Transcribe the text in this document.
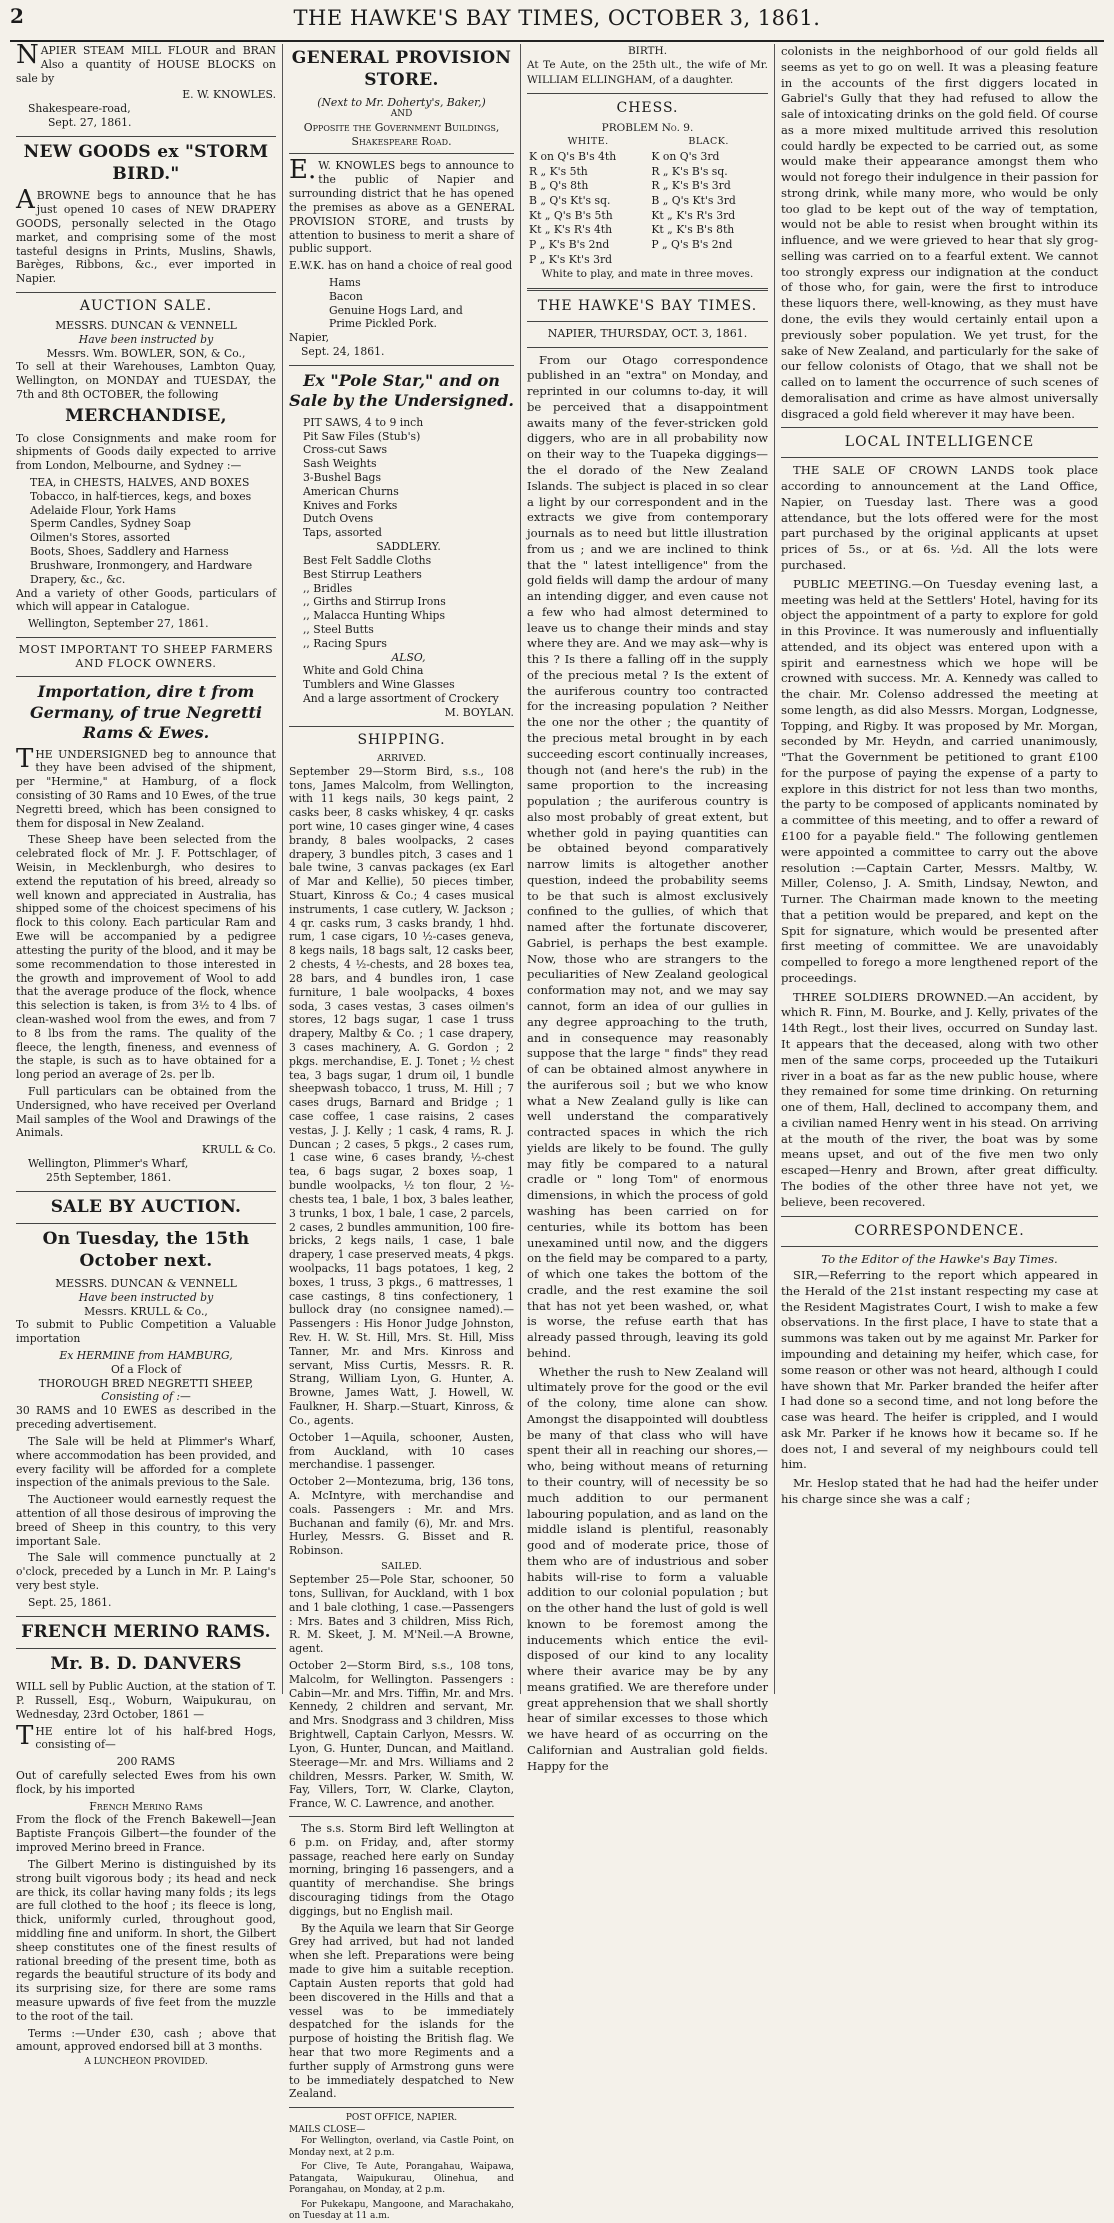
2	THE HAWKE'S BAY TIMES, OCTOBER 3, 1861.

NAPIER STEAM MILL FLOUR and BRAN Also a quantity of HOUSE BLOCKS on sale by

E. W. KNOWLES.
Shakespeare-road,
Sept. 27, 1861.
NEW GOODS ex "STORM BIRD."

ABROWNE begs to announce that he has just opened 10 cases of NEW DRAPERY GOODS, personally selected in the Otago market, and comprising some of the most tasteful designs in Prints, Muslins, Shawls, Barèges, Ribbons, &c., ever imported in Napier.

AUCTION SALE.
MESSRS. DUNCAN & VENNELL
Have been instructed by
Messrs. Wm. BOWLER, SON, & Co.,

To sell at their Warehouses, Lambton Quay, Wellington, on MONDAY and TUESDAY, the 7th and 8th OCTOBER, the following

MERCHANDISE,

To close Consignments and make room for shipments of Goods daily expected to arrive from London, Melbourne, and Sydney :—

TEA, in CHESTS, HALVES, AND BOXES
Tobacco, in half-tierces, kegs, and boxes
Adelaide Flour, York Hams
Sperm Candles, Sydney Soap
Oilmen's Stores, assorted
Boots, Shoes, Saddlery and Harness
Brushware, Ironmongery, and Hardware
Drapery, &c., &c.

And a variety of other Goods, particulars of which will appear in Catalogue.

Wellington, September 27, 1861.
MOST IMPORTANT TO SHEEP FARMERS AND FLOCK OWNERS.
Importation, dire t from Germany, of true Negretti Rams & Ewes.

THE UNDERSIGNED beg to announce that they have been advised of the shipment, per "Hermine," at Hamburg, of a flock consisting of 30 Rams and 10 Ewes, of the true Negretti breed, which has been consigned to them for disposal in New Zealand.

These Sheep have been selected from the celebrated flock of Mr. J. F. Pottschlager, of Weisin, in Mecklenburgh, who desires to extend the reputation of his breed, already so well known and appreciated in Australia, has shipped some of the choicest specimens of his flock to this colony. Each particular Ram and Ewe will be accompanied by a pedigree attesting the purity of the blood, and it may be some recommendation to those interested in the growth and improvement of Wool to add that the average produce of the flock, whence this selection is taken, is from 3½ to 4 lbs. of clean-washed wool from the ewes, and from 7 to 8 lbs from the rams. The quality of the fleece, the length, fineness, and evenness of the staple, is such as to have obtained for a long period an average of 2s. per lb.

Full particulars can be obtained from the Undersigned, who have received per Overland Mail samples of the Wool and Drawings of the Animals.

KRULL & Co.
Wellington, Plimmer's Wharf,
25th September, 1861.
SALE BY AUCTION.
On Tuesday, the 15th October next.
MESSRS. DUNCAN & VENNELL
Have been instructed by
Messrs. KRULL & Co.,

To submit to Public Competition a Valuable importation

Ex HERMINE from HAMBURG,
Of a Flock of
THOROUGH BRED NEGRETTI SHEEP,
Consisting of :—

30 RAMS and 10 EWES as described in the preceding advertisement.

The Sale will be held at Plimmer's Wharf, where accommodation has been provided, and every facility will be afforded for a complete inspection of the animals previous to the Sale.

The Auctioneer would earnestly request the attention of all those desirous of improving the breed of Sheep in this country, to this very important Sale.

The Sale will commence punctually at 2 o'clock, preceded by a Lunch in Mr. P. Laing's very best style.

Sept. 25, 1861.
FRENCH MERINO RAMS.
Mr. B. D. DANVERS

WILL sell by Public Auction, at the station of T. P. Russell, Esq., Woburn, Waipukurau, on Wednesday, 23rd October, 1861 —

THE entire lot of his half-bred Hogs, consisting of—

200 RAMS

Out of carefully selected Ewes from his own flock, by his imported

French Merino Rams

From the flock of the French Bakewell—Jean Baptiste François Gilbert—the founder of the improved Merino breed in France.

The Gilbert Merino is distinguished by its strong built vigorous body ; its head and neck are thick, its collar having many folds ; its legs are full clothed to the hoof ; its fleece is long, thick, uniformly curled, throughout good, middling fine and uniform. In short, the Gilbert sheep constitutes one of the finest results of rational breeding of the present time, both as regards the beautiful structure of its body and its surprising size, for there are some rams measure upwards of five feet from the muzzle to the root of the tail.

Terms :—Under £30, cash ; above that amount, approved endorsed bill at 3 months.

A LUNCHEON PROVIDED.
GENERAL PROVISION STORE.
(Next to Mr. Doherty's, Baker,)
AND
Opposite the Government Buildings, Shakespeare Road.

E.W. KNOWLES begs to announce to the public of Napier and surrounding district that he has opened the premises as above as a GENERAL PROVISION STORE, and trusts by attention to business to merit a share of public support.

E.W.K. has on hand a choice of real good

Hams
Bacon
Genuine Hogs Lard, and
Prime Pickled Pork.
Napier,
Sept. 24, 1861.
Ex "Pole Star," and on Sale by the Undersigned.
PIT SAWS, 4 to 9 inch
Pit Saw Files (Stub's)
Cross-cut Saws
Sash Weights
3-Bushel Bags
American Churns
Knives and Forks
Dutch Ovens
Taps, assorted
SADDLERY.
Best Felt Saddle Cloths
Best Stirrup Leathers
,, Bridles
,, Girths and Stirrup Irons
,, Malacca Hunting Whips
,, Steel Butts
,, Racing Spurs
ALSO,
White and Gold China
Tumblers and Wine Glasses
And a large assortment of Crockery
M. BOYLAN.
SHIPPING.
ARRIVED.

September 29—Storm Bird, s.s., 108 tons, James Malcolm, from Wellington, with 11 kegs nails, 30 kegs paint, 2 casks beer, 8 casks whiskey, 4 qr. casks port wine, 10 cases ginger wine, 4 cases brandy, 8 bales woolpacks, 2 cases drapery, 3 bundles pitch, 3 cases and 1 bale twine, 3 canvas packages (ex Earl of Mar and Kellie), 50 pieces timber, Stuart, Kinross & Co.; 4 cases musical instruments, 1 case cutlery, W. Jackson ; 4 qr. casks rum, 3 casks brandy, 1 hhd. rum, 1 case cigars, 10 ½-cases geneva, 8 kegs nails, 18 bags salt, 12 casks beer, 2 chests, 4 ½-chests, and 28 boxes tea, 28 bars, and 4 bundles iron, 1 case furniture, 1 bale woolpacks, 4 boxes soda, 3 cases vestas, 3 cases oilmen's stores, 12 bags sugar, 1 case 1 truss drapery, Maltby & Co. ; 1 case drapery, 3 cases machinery, A. G. Gordon ; 2 pkgs. merchandise, E. J. Tonet ; ½ chest tea, 3 bags sugar, 1 drum oil, 1 bundle sheepwash tobacco, 1 truss, M. Hill ; 7 cases drugs, Barnard and Bridge ; 1 case coffee, 1 case raisins, 2 cases vestas, J. J. Kelly ; 1 cask, 4 rams, R. J. Duncan ; 2 cases, 5 pkgs., 2 cases rum, 1 case wine, 6 cases brandy, ½-chest tea, 6 bags sugar, 2 boxes soap, 1 bundle woolpacks, ½ ton flour, 2 ½-chests tea, 1 bale, 1 box, 3 bales leather, 3 trunks, 1 box, 1 bale, 1 case, 2 parcels, 2 cases, 2 bundles ammunition, 100 fire-bricks, 2 kegs nails, 1 case, 1 bale drapery, 1 case preserved meats, 4 pkgs. woolpacks, 11 bags potatoes, 1 keg, 2 boxes, 1 truss, 3 pkgs., 6 mattresses, 1 case castings, 8 tins confectionery, 1 bullock dray (no consignee named).—Passengers : His Honor Judge Johnston, Rev. H. W. St. Hill, Mrs. St. Hill, Miss Tanner, Mr. and Mrs. Kinross and servant, Miss Curtis, Messrs. R. R. Strang, William Lyon, G. Hunter, A. Browne, James Watt, J. Howell, W. Faulkner, H. Sharp.—Stuart, Kinross, & Co., agents.

October 1—Aquila, schooner, Austen, from Auckland, with 10 cases merchandise. 1 passenger.

October 2—Montezuma, brig, 136 tons, A. McIntyre, with merchandise and coals. Passengers : Mr. and Mrs. Buchanan and family (6), Mr. and Mrs. Hurley, Messrs. G. Bisset and R. Robinson.

SAILED.

September 25—Pole Star, schooner, 50 tons, Sullivan, for Auckland, with 1 box and 1 bale clothing, 1 case.—Passengers : Mrs. Bates and 3 children, Miss Rich, R. M. Skeet, J. M. M'Neil.—A Browne, agent.

October 2—Storm Bird, s.s., 108 tons, Malcolm, for Wellington. Passengers : Cabin—Mr. and Mrs. Tiffin, Mr. and Mrs. Kennedy, 2 children and servant, Mr. and Mrs. Snodgrass and 3 children, Miss Brightwell, Captain Carlyon, Messrs. W. Lyon, G. Hunter, Duncan, and Maitland. Steerage—Mr. and Mrs. Williams and 2 children, Messrs. Parker, W. Smith, W. Fay, Villers, Torr, W. Clarke, Clayton, France, W. C. Lawrence, and another.

The s.s. Storm Bird left Wellington at 6 p.m. on Friday, and, after stormy passage, reached here early on Sunday morning, bringing 16 passengers, and a quantity of merchandise. She brings discouraging tidings from the Otago diggings, but no English mail.

By the Aquila we learn that Sir George Grey had arrived, but had not landed when she left. Preparations were being made to give him a suitable reception. Captain Austen reports that gold had been discovered in the Hills and that a vessel was to be immediately despatched for the islands for the purpose of hoisting the British flag. We hear that two more Regiments and a further supply of Armstrong guns were to be immediately despatched to New Zealand.

POST OFFICE, NAPIER.
MAILS CLOSE—

For Wellington, overland, via Castle Point, on Monday next, at 2 p.m.

For Clive, Te Aute, Porangahau, Waipawa, Patangata, Waipukurau, Olinehua, and Porangahau, on Monday, at 2 p.m.

For Pukekapu, Mangoone, and Marachakaho, on Tuesday at 11 a.m.

BIRTH.

At Te Aute, on the 25th ult., the wife of Mr. WILLIAM ELLINGHAM, of a daughter.

CHESS.
PROBLEM No. 9.
WHITE.	BLACK.
K on Q's B's 4th	K on Q's 3rd
R „ K's 5th	R „ K's B's sq.
B „ Q's 8th	R „ K's B's 3rd
B „ Q's Kt's sq.	B „ Q's Kt's 3rd
Kt „ Q's B's 5th	Kt „ K's R's 3rd
Kt „ K's R's 4th	Kt „ K's B's 8th
P „ K's B's 2nd	P „ Q's B's 2nd
P „ K's Kt's 3rd	
White to play, and mate in three moves.
THE HAWKE'S BAY TIMES.
NAPIER, THURSDAY, OCT. 3, 1861.

From our Otago correspondence published in an "extra" on Monday, and reprinted in our columns to-day, it will be perceived that a disappointment awaits many of the fever-stricken gold diggers, who are in all probability now on their way to the Tuapeka diggings—the el dorado of the New Zealand Islands. The subject is placed in so clear a light by our correspondent and in the extracts we give from contemporary journals as to need but little illustration from us ; and we are inclined to think that the " latest intelligence" from the gold fields will damp the ardour of many an intending digger, and even cause not a few who had almost determined to leave us to change their minds and stay where they are. And we may ask—why is this ? Is there a falling off in the supply of the precious metal ? Is the extent of the auriferous country too contracted for the increasing population ? Neither the one nor the other ; the quantity of the precious metal brought in by each succeeding escort continually increases, though not (and here's the rub) in the same proportion to the increasing population ; the auriferous country is also most probably of great extent, but whether gold in paying quantities can be obtained beyond comparatively narrow limits is altogether another question, indeed the probability seems to be that such is almost exclusively confined to the gullies, of which that named after the fortunate discoverer, Gabriel, is perhaps the best example. Now, those who are strangers to the peculiarities of New Zealand geological conformation may not, and we may say cannot, form an idea of our gullies in any degree approaching to the truth, and in consequence may reasonably suppose that the large " finds" they read of can be obtained almost anywhere in the auriferous soil ; but we who know what a New Zealand gully is like can well understand the comparatively contracted spaces in which the rich yields are likely to be found. The gully may fitly be compared to a natural cradle or " long Tom" of enormous dimensions, in which the process of gold washing has been carried on for centuries, while its bottom has been unexamined until now, and the diggers on the field may be compared to a party, of which one takes the bottom of the cradle, and the rest examine the soil that has not yet been washed, or, what is worse, the refuse earth that has already passed through, leaving its gold behind.

Whether the rush to New Zealand will ultimately prove for the good or the evil of the colony, time alone can show. Amongst the disappointed will doubtless be many of that class who will have spent their all in reaching our shores,—who, being without means of returning to their country, will of necessity be so much addition to our permanent labouring population, and as land on the middle island is plentiful, reasonably good and of moderate price, those of them who are of industrious and sober habits will-rise to form a valuable addition to our colonial population ; but on the other hand the lust of gold is well known to be foremost among the inducements which entice the evil-disposed of our kind to any locality where their avarice may be by any means gratified. We are therefore under great apprehension that we shall shortly hear of similar excesses to those which we have heard of as occurring on the Californian and Australian gold fields. Happy for the

colonists in the neighborhood of our gold fields all seems as yet to go on well. It was a pleasing feature in the accounts of the first diggers located in Gabriel's Gully that they had refused to allow the sale of intoxicating drinks on the gold field. Of course as a more mixed multitude arrived this resolution could hardly be expected to be carried out, as some would make their appearance amongst them who would not forego their indulgence in their passion for strong drink, while many more, who would be only too glad to be kept out of the way of temptation, would not be able to resist when brought within its influence, and we were grieved to hear that sly grog-selling was carried on to a fearful extent. We cannot too strongly express our indignation at the conduct of those who, for gain, were the first to introduce these liquors there, well-knowing, as they must have done, the evils they would certainly entail upon a previously sober population. We yet trust, for the sake of New Zealand, and particularly for the sake of our fellow colonists of Otago, that we shall not be called on to lament the occurrence of such scenes of demoralisation and crime as have almost universally disgraced a gold field wherever it may have been.

LOCAL INTELLIGENCE

THE SALE OF CROWN LANDS took place according to announcement at the Land Office, Napier, on Tuesday last. There was a good attendance, but the lots offered were for the most part purchased by the original applicants at upset prices of 5s., or at 6s. ½d. All the lots were purchased.

PUBLIC MEETING.—On Tuesday evening last, a meeting was held at the Settlers' Hotel, having for its object the appointment of a party to explore for gold in this Province. It was numerously and influentially attended, and its object was entered upon with a spirit and earnestness which we hope will be crowned with success. Mr. A. Kennedy was called to the chair. Mr. Colenso addressed the meeting at some length, as did also Messrs. Morgan, Lodgnesse, Topping, and Rigby. It was proposed by Mr. Morgan, seconded by Mr. Heydn, and carried unanimously, "That the Government be petitioned to grant £100 for the purpose of paying the expense of a party to explore in this district for not less than two months, the party to be composed of applicants nominated by a committee of this meeting, and to offer a reward of £100 for a payable field." The following gentlemen were appointed a committee to carry out the above resolution :—Captain Carter, Messrs. Maltby, W. Miller, Colenso, J. A. Smith, Lindsay, Newton, and Turner. The Chairman made known to the meeting that a petition would be prepared, and kept on the Spit for signature, which would be presented after first meeting of committee. We are unavoidably compelled to forego a more lengthened report of the proceedings.

THREE SOLDIERS DROWNED.—An accident, by which R. Finn, M. Bourke, and J. Kelly, privates of the 14th Regt., lost their lives, occurred on Sunday last. It appears that the deceased, along with two other men of the same corps, proceeded up the Tutaikuri river in a boat as far as the new public house, where they remained for some time drinking. On returning one of them, Hall, declined to accompany them, and a civilian named Henry went in his stead. On arriving at the mouth of the river, the boat was by some means upset, and out of the five men two only escaped—Henry and Brown, after great difficulty. The bodies of the other three have not yet, we believe, been recovered.

CORRESPONDENCE.
To the Editor of the Hawke's Bay Times.

SIR,—Referring to the report which appeared in the Herald of the 21st instant respecting my case at the Resident Magistrates Court, I wish to make a few observations. In the first place, I have to state that a summons was taken out by me against Mr. Parker for impounding and detaining my heifer, which case, for some reason or other was not heard, although I could have shown that Mr. Parker branded the heifer after I had done so a second time, and not long before the case was heard. The heifer is crippled, and I would ask Mr. Parker if he knows how it became so. If he does not, I and several of my neighbours could tell him.

Mr. Heslop stated that he had had the heifer under his charge since she was a calf ;
